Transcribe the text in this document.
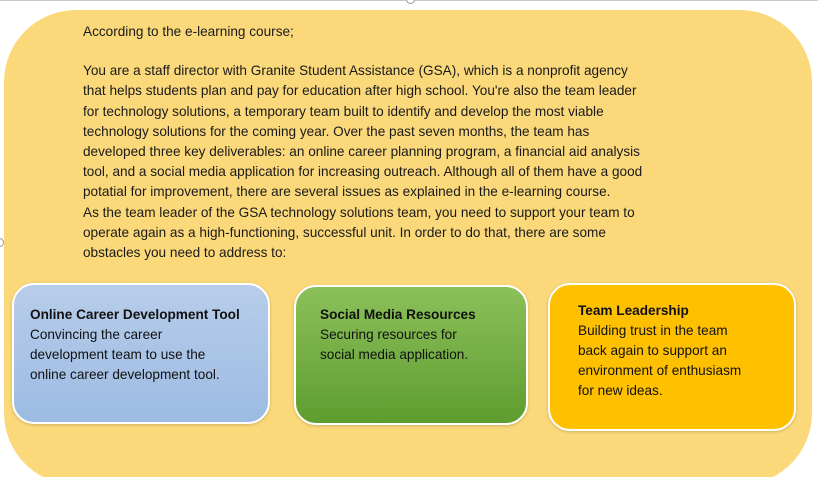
According to the e-learning course;

You are a staff director with Granite Student Assistance (GSA), which is a nonprofit agency

that helps students plan and pay for education after high school. You're also the team leader

for technology solutions, a temporary team built to identify and develop the most viable

technology solutions for the coming year. Over the past seven months, the team has

developed three key deliverables: an online career planning program, a financial aid analysis

tool, and a social media application for increasing outreach. Although all of them have a good

potatial for improvement, there are several issues as explained in the e-learning course.

As the team leader of the GSA technology solutions team, you need to support your team to

operate again as a high-functioning, successful unit. In order to do that, there are some

obstacles you need to address to:

Online Career Development Tool
Convincing the career
development team to use the
online career development tool.
Social Media Resources
Securing resources for
social media application.
Team Leadership
Building trust in the team
back again to support an
environment of enthusiasm
for new ideas.
